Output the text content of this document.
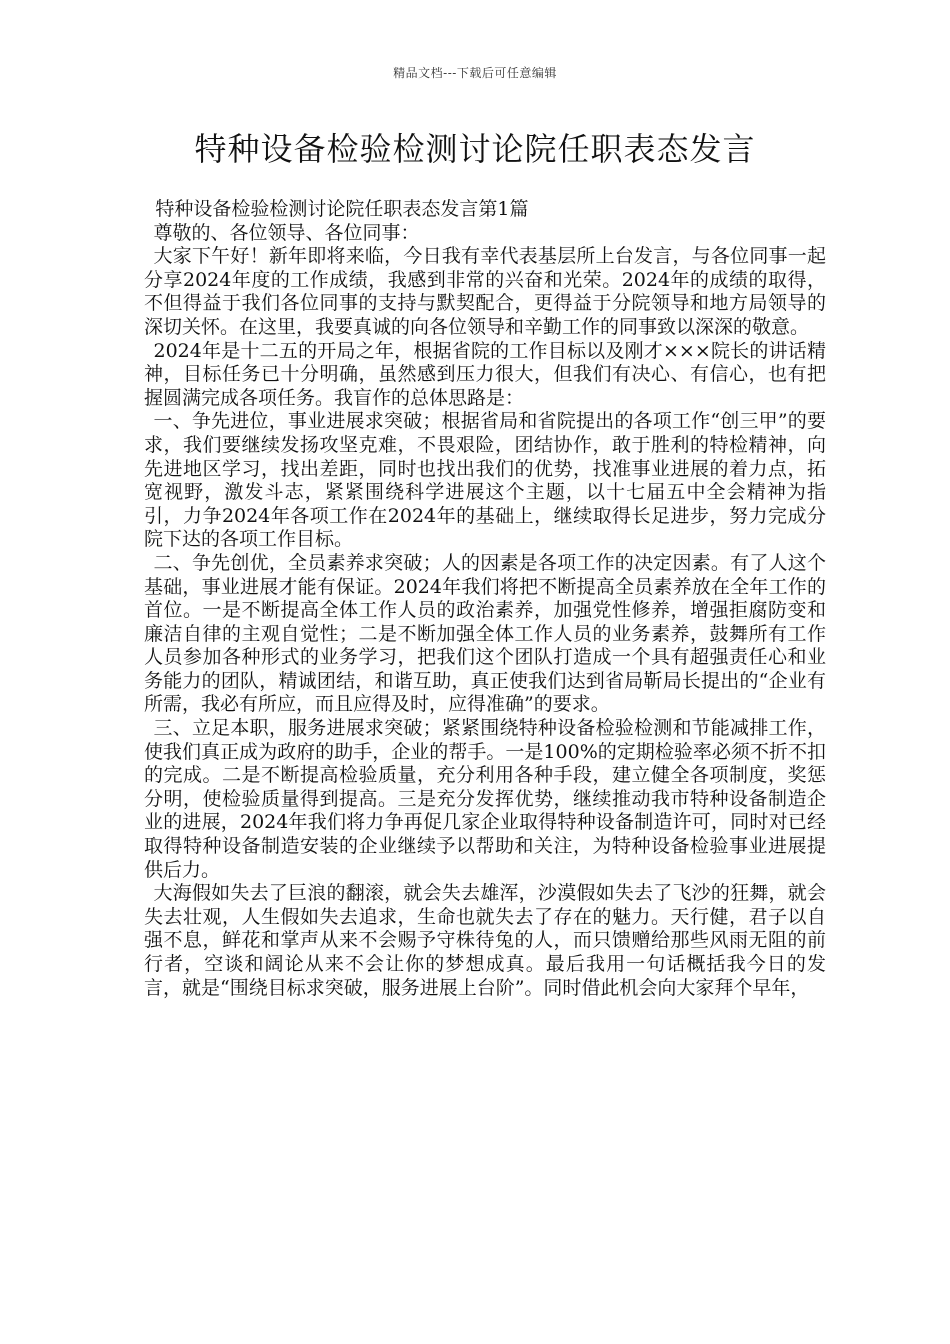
精品文档---下载后可任意编辑
特种设备检验检测讨论院任职表态发言

特种设备检验检测讨论院任职表态发言第1篇

尊敬的、各位领导、各位同事：

大家下午好！新年即将来临，今日我有幸代表基层所上台发言，与各位同事一起分享2024年度的工作成绩，我感到非常的兴奋和光荣。2024年的成绩的取得，不但得益于我们各位同事的支持与默契配合，更得益于分院领导和地方局领导的深切关怀。在这里，我要真诚的向各位领导和辛勤工作的同事致以深深的敬意。

2024年是十二五的开局之年，根据省院的工作目标以及刚才×××院长的讲话精神，目标任务已十分明确，虽然感到压力很大，但我们有决心、有信心，也有把握圆满完成各项任务。我盲作的总体思路是：

一、争先进位，事业进展求突破；根据省局和省院提出的各项工作“创三甲”的要求，我们要继续发扬攻坚克难，不畏艰险，团结协作，敢于胜利的特检精神，向先进地区学习，找出差距，同时也找出我们的优势，找准事业进展的着力点，拓宽视野，激发斗志，紧紧围绕科学进展这个主题，以十七届五中全会精神为指引，力争2024年各项工作在2024年的基础上，继续取得长足进步，努力完成分院下达的各项工作目标。

二、争先创优，全员素养求突破；人的因素是各项工作的决定因素。有了人这个基础，事业进展才能有保证。2024年我们将把不断提高全员素养放在全年工作的首位。一是不断提高全体工作人员的政治素养，加强党性修养，增强拒腐防变和廉洁自律的主观自觉性；二是不断加强全体工作人员的业务素养，鼓舞所有工作人员参加各种形式的业务学习，把我们这个团队打造成一个具有超强责任心和业务能力的团队，精诚团结，和谐互助，真正使我们达到省局靳局长提出的“企业有所需，我必有所应，而且应得及时，应得准确”的要求。

三、立足本职，服务进展求突破；紧紧围绕特种设备检验检测和节能减排工作，使我们真正成为政府的助手，企业的帮手。一是100%的定期检验率必须不折不扣的完成。二是不断提高检验质量，充分利用各种手段，建立健全各项制度，奖惩分明，使检验质量得到提高。三是充分发挥优势，继续推动我市特种设备制造企业的进展，2024年我们将力争再促几家企业取得特种设备制造许可，同时对已经取得特种设备制造安装的企业继续予以帮助和关注，为特种设备检验事业进展提供后力。

大海假如失去了巨浪的翻滚，就会失去雄浑，沙漠假如失去了飞沙的狂舞，就会失去壮观，人生假如失去追求，生命也就失去了存在的魅力。天行健，君子以自强不息，鲜花和掌声从来不会赐予守株待兔的人，而只馈赠给那些风雨无阻的前行者，空谈和阔论从来不会让你的梦想成真。最后我用一句话概括我今日的发言，就是“围绕目标求突破，服务进展上台阶”。同时借此机会向大家拜个早年，
